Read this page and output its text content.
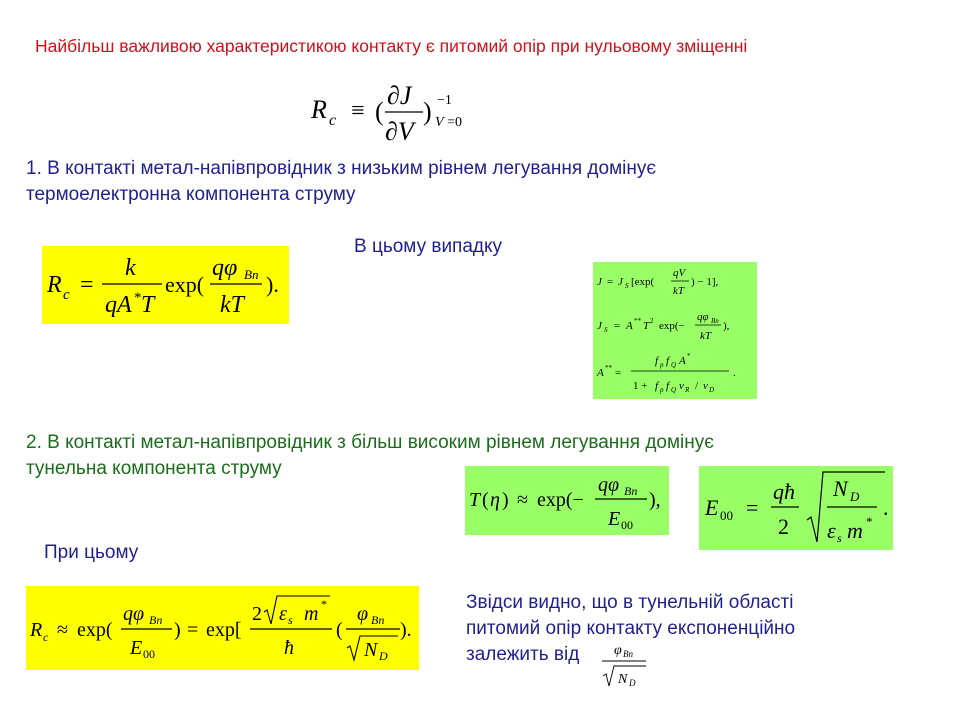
Найбільш важливою характеристикою контакту є питомий опір при нульовому зміщенні
R c ≡ (
∂J
∂V
) −1
V =0
1. В контакті метал-напівпровідник з низьким рівнем легування домінує
термоелектронна компонента струму
R c =
k
qA * T
exp(
qφ Bn
kT
).
В цьому випадку
J = J S [exp(
qV
kT
) − 1],
J S = A ** T 2 exp(−
qφ Bn
kT
),
A ** =
f p f Q A *
1 + f p f Q v R / v D
.
2. В контакті метал-напівпровідник з більш високим рівнем легування домінує
тунельна компонента струму
T ( η ) ≈ exp(−
qφ Bn
E 00
), E 00 =
qħ
2
N D
ε s m *
.
При цьому
R c ≈ exp(
qφ Bn
E 00
) = exp[
2 ε s m *
ħ
(
φ Bn
N D
).
Звідси видно, що в тунельній області
питомий опір контакту експоненційно
залежить від	φ Bn
N D
